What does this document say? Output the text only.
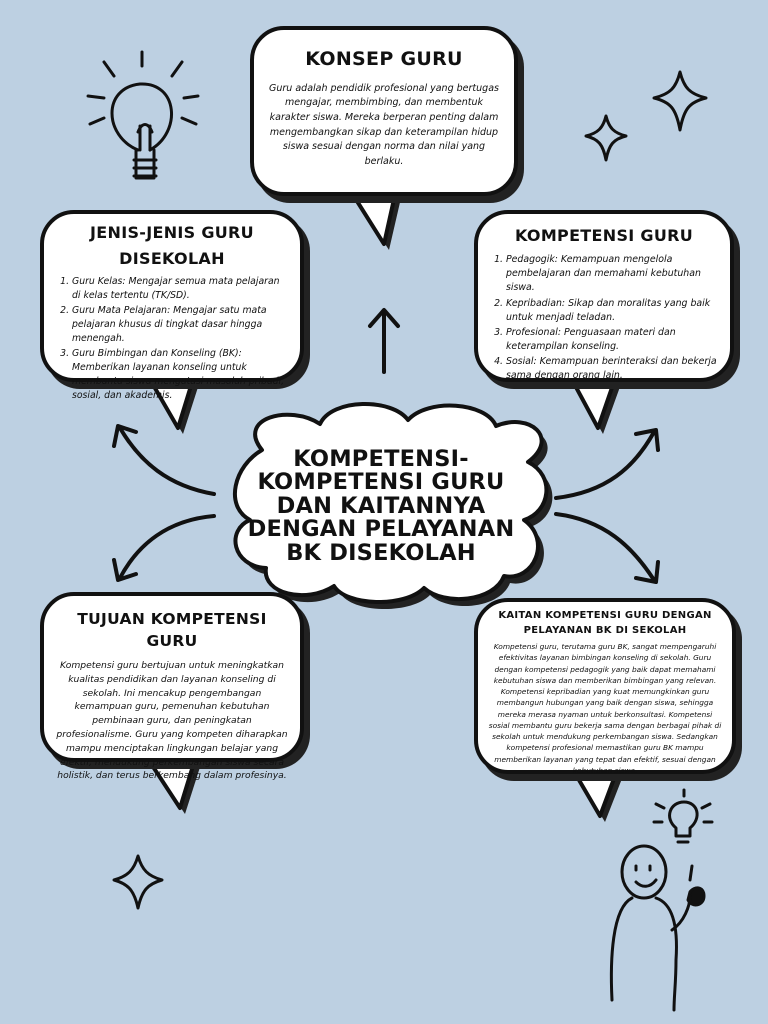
KONSEP GURU

Guru adalah pendidik profesional yang bertugas mengajar, membimbing, dan membentuk karakter siswa. Mereka berperan penting dalam mengembangkan sikap dan keterampilan hidup siswa sesuai dengan norma dan nilai yang berlaku.

JENIS-JENIS GURU DISEKOLAH
1. Guru Kelas: Mengajar semua mata pelajaran di kelas tertentu (TK/SD).
2. Guru Mata Pelajaran: Mengajar satu mata pelajaran khusus di tingkat dasar hingga menengah.
3. Guru Bimbingan dan Konseling (BK): Memberikan layanan konseling untuk membantu siswa mengatasi masalah pribadi, sosial, dan akademis.
KOMPETENSI GURU
1. Pedagogik: Kemampuan mengelola pembelajaran dan memahami kebutuhan siswa.
2. Kepribadian: Sikap dan moralitas yang baik untuk menjadi teladan.
3. Profesional: Penguasaan materi dan keterampilan konseling.
4. Sosial: Kemampuan berinteraksi dan bekerja sama dengan orang lain.
KOMPETENSI-KOMPETENSI GURU DAN KAITANNYA DENGAN PELAYANAN BK DISEKOLAH
TUJUAN KOMPETENSI GURU

Kompetensi guru bertujuan untuk meningkatkan kualitas pendidikan dan layanan konseling di sekolah. Ini mencakup pengembangan kemampuan guru, pemenuhan kebutuhan pembinaan guru, dan peningkatan profesionalisme. Guru yang kompeten diharapkan mampu menciptakan lingkungan belajar yang efektif, mendukung perkembangan siswa secara holistik, dan terus berkembang dalam profesinya.

KAITAN KOMPETENSI GURU DENGAN PELAYANAN BK DI SEKOLAH

Kompetensi guru, terutama guru BK, sangat mempengaruhi efektivitas layanan bimbingan konseling di sekolah. Guru dengan kompetensi pedagogik yang baik dapat memahami kebutuhan siswa dan memberikan bimbingan yang relevan. Kompetensi kepribadian yang kuat memungkinkan guru membangun hubungan yang baik dengan siswa, sehingga mereka merasa nyaman untuk berkonsultasi. Kompetensi sosial membantu guru bekerja sama dengan berbagai pihak di sekolah untuk mendukung perkembangan siswa. Sedangkan kompetensi profesional memastikan guru BK mampu memberikan layanan yang tepat dan efektif, sesuai dengan kebutuhan siswa.
